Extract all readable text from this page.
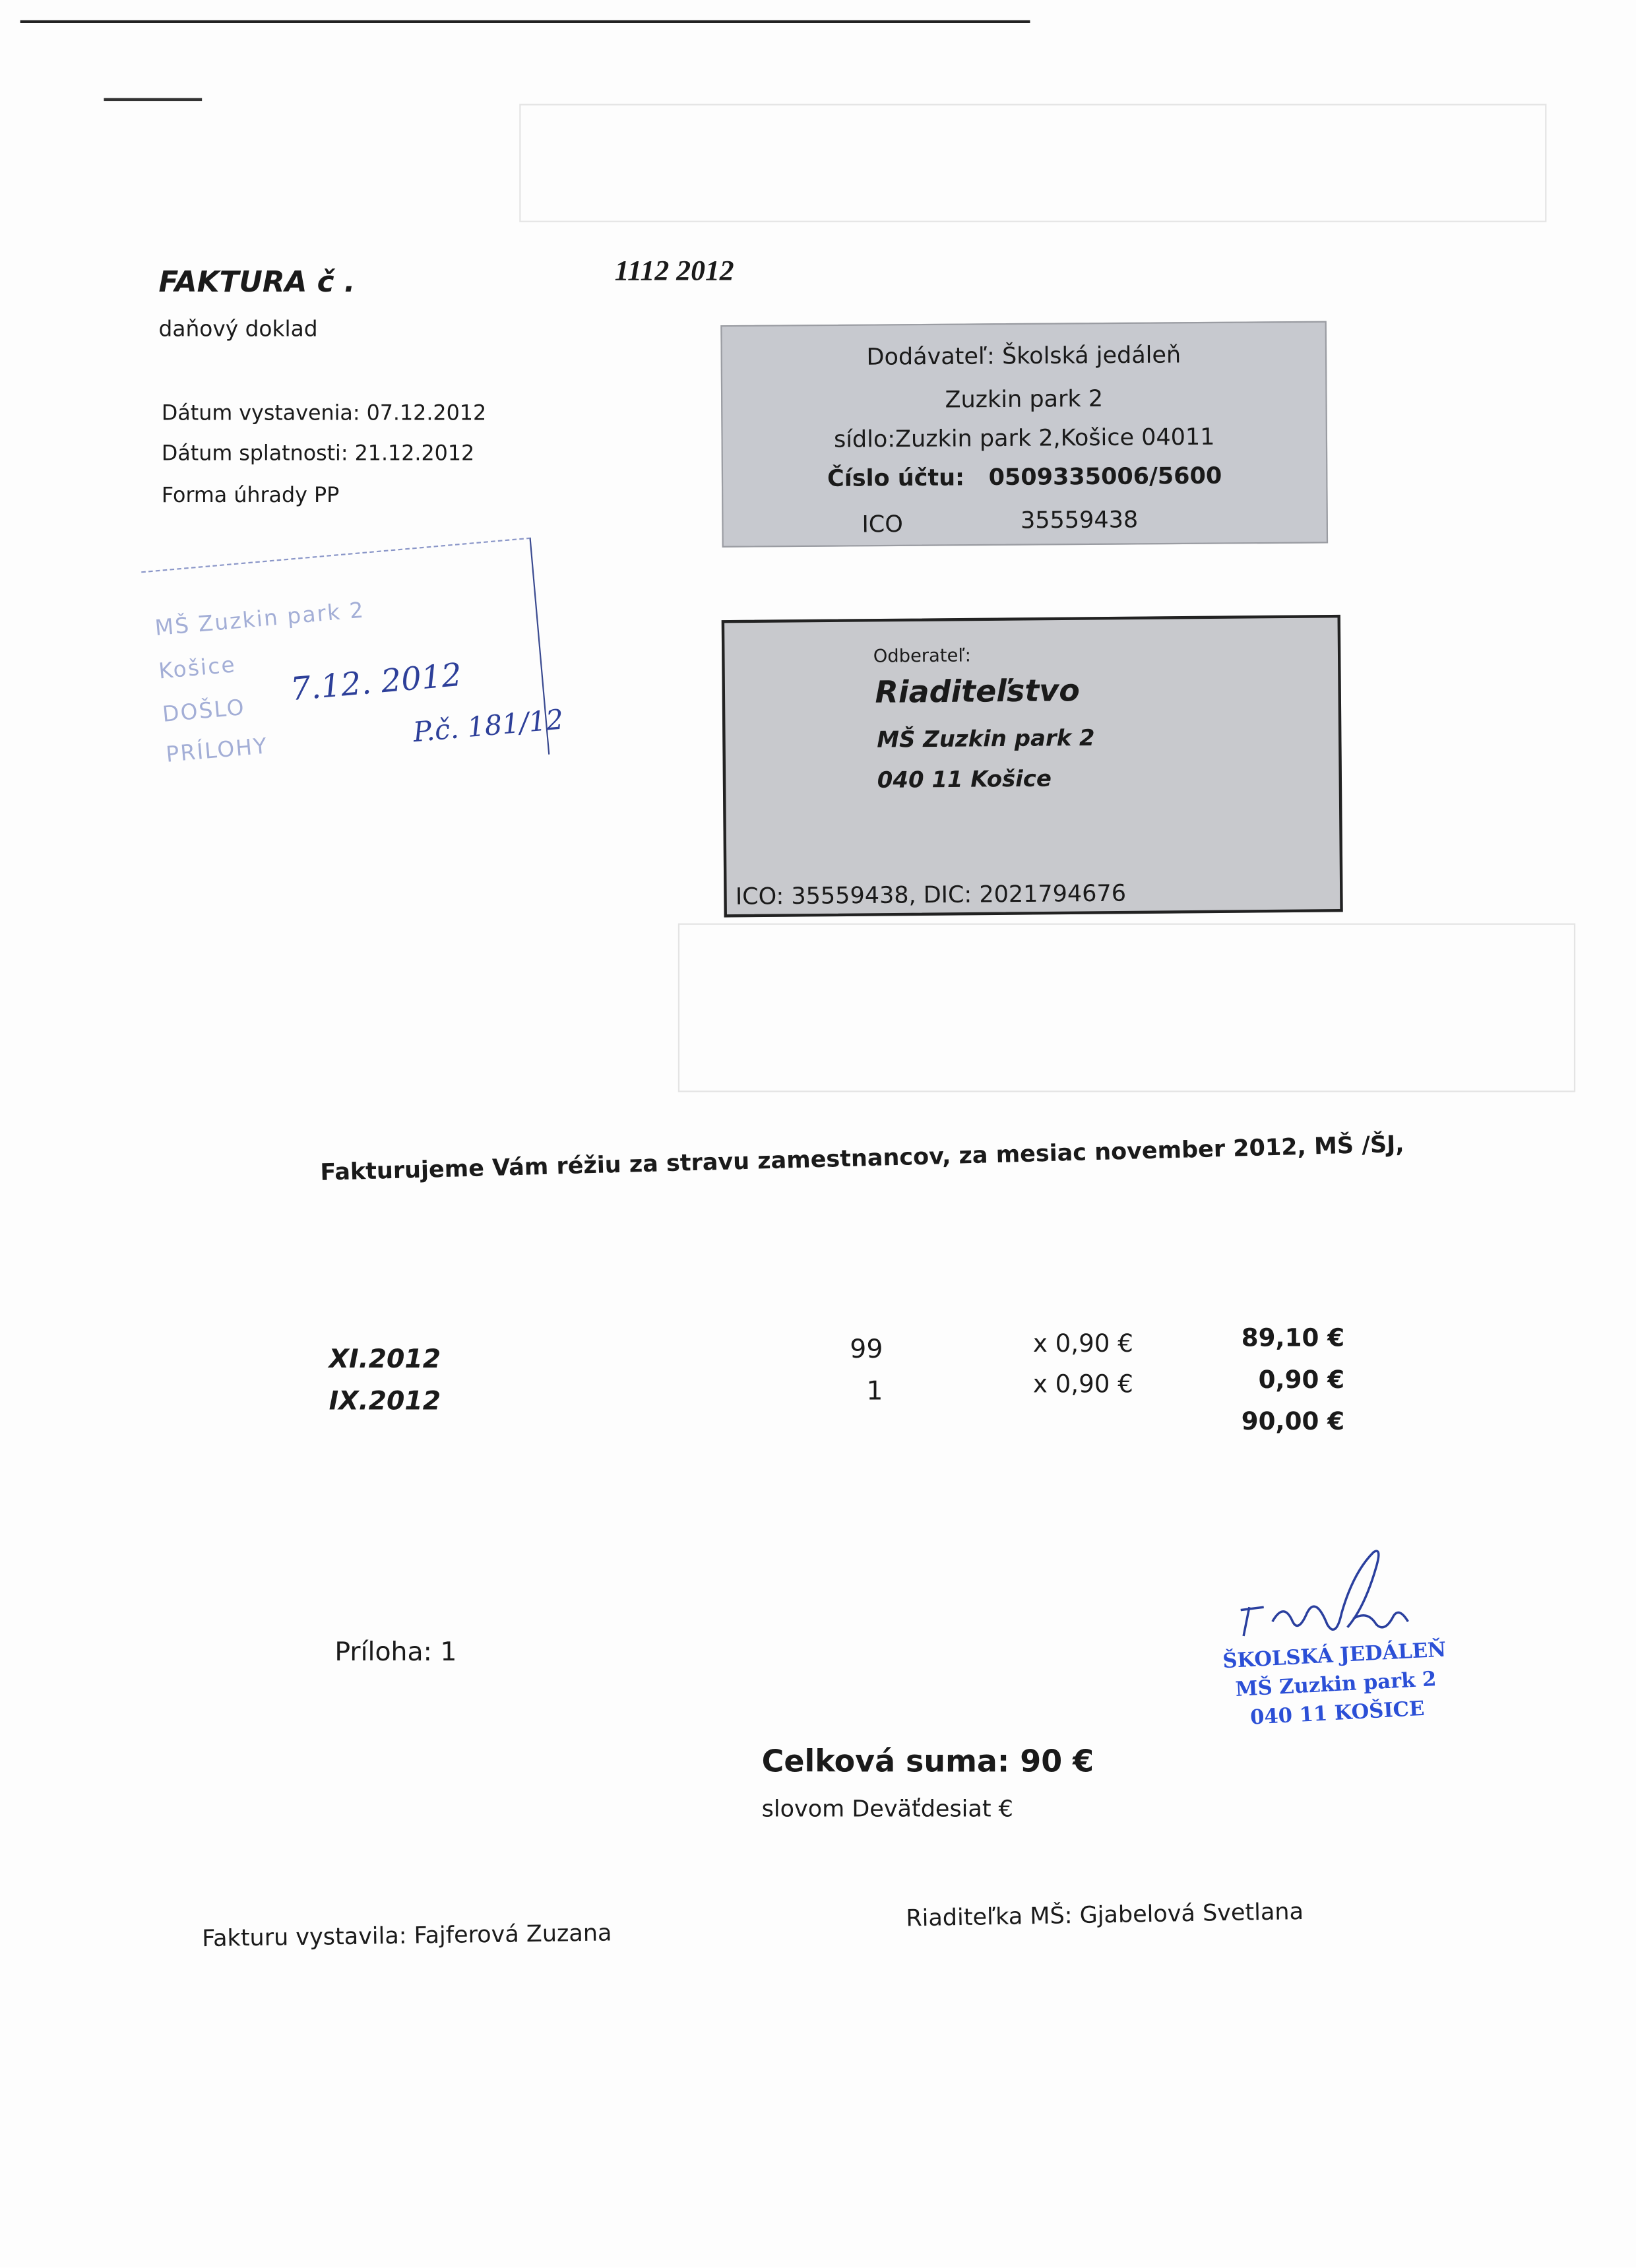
FAKTURA č .	1112 2012
daňový doklad
Dátum vystavenia: 07.12.2012
Dátum splatnosti: 21.12.2012
Forma úhrady PP
Dodávateľ: Školská jedáleň
Zuzkin park 2
sídlo:Zuzkin park 2,Košice 04011
Číslo účtu: 0509335006/5600
ICO	35559438
Odberateľ:
Riaditeľstvo
MŠ Zuzkin park 2
040 11 Košice
ICO: 35559438, DIC: 2021794676
MŠ Zuzkin park 2
Košice
DOŠLO
PRÍLOHY
7.12. 2012
P.č. 181/12
Fakturujeme Vám réžiu za stravu zamestnancov, za mesiac november 2012, MŠ /ŠJ,
XI.2012	99	x 0,90 €	89,10 €
IX.2012	1	x 0,90 €	0,90 €
90,00 €
Príloha: 1	ŠKOLSKÁ JEDÁLEŇ
MŠ Zuzkin park 2
040 11 KOŠICE
Celková suma: 90 €
slovom Deväťdesiat €
Fakturu vystavila: Fajferová Zuzana
Riaditeľka MŠ: Gjabelová Svetlana
